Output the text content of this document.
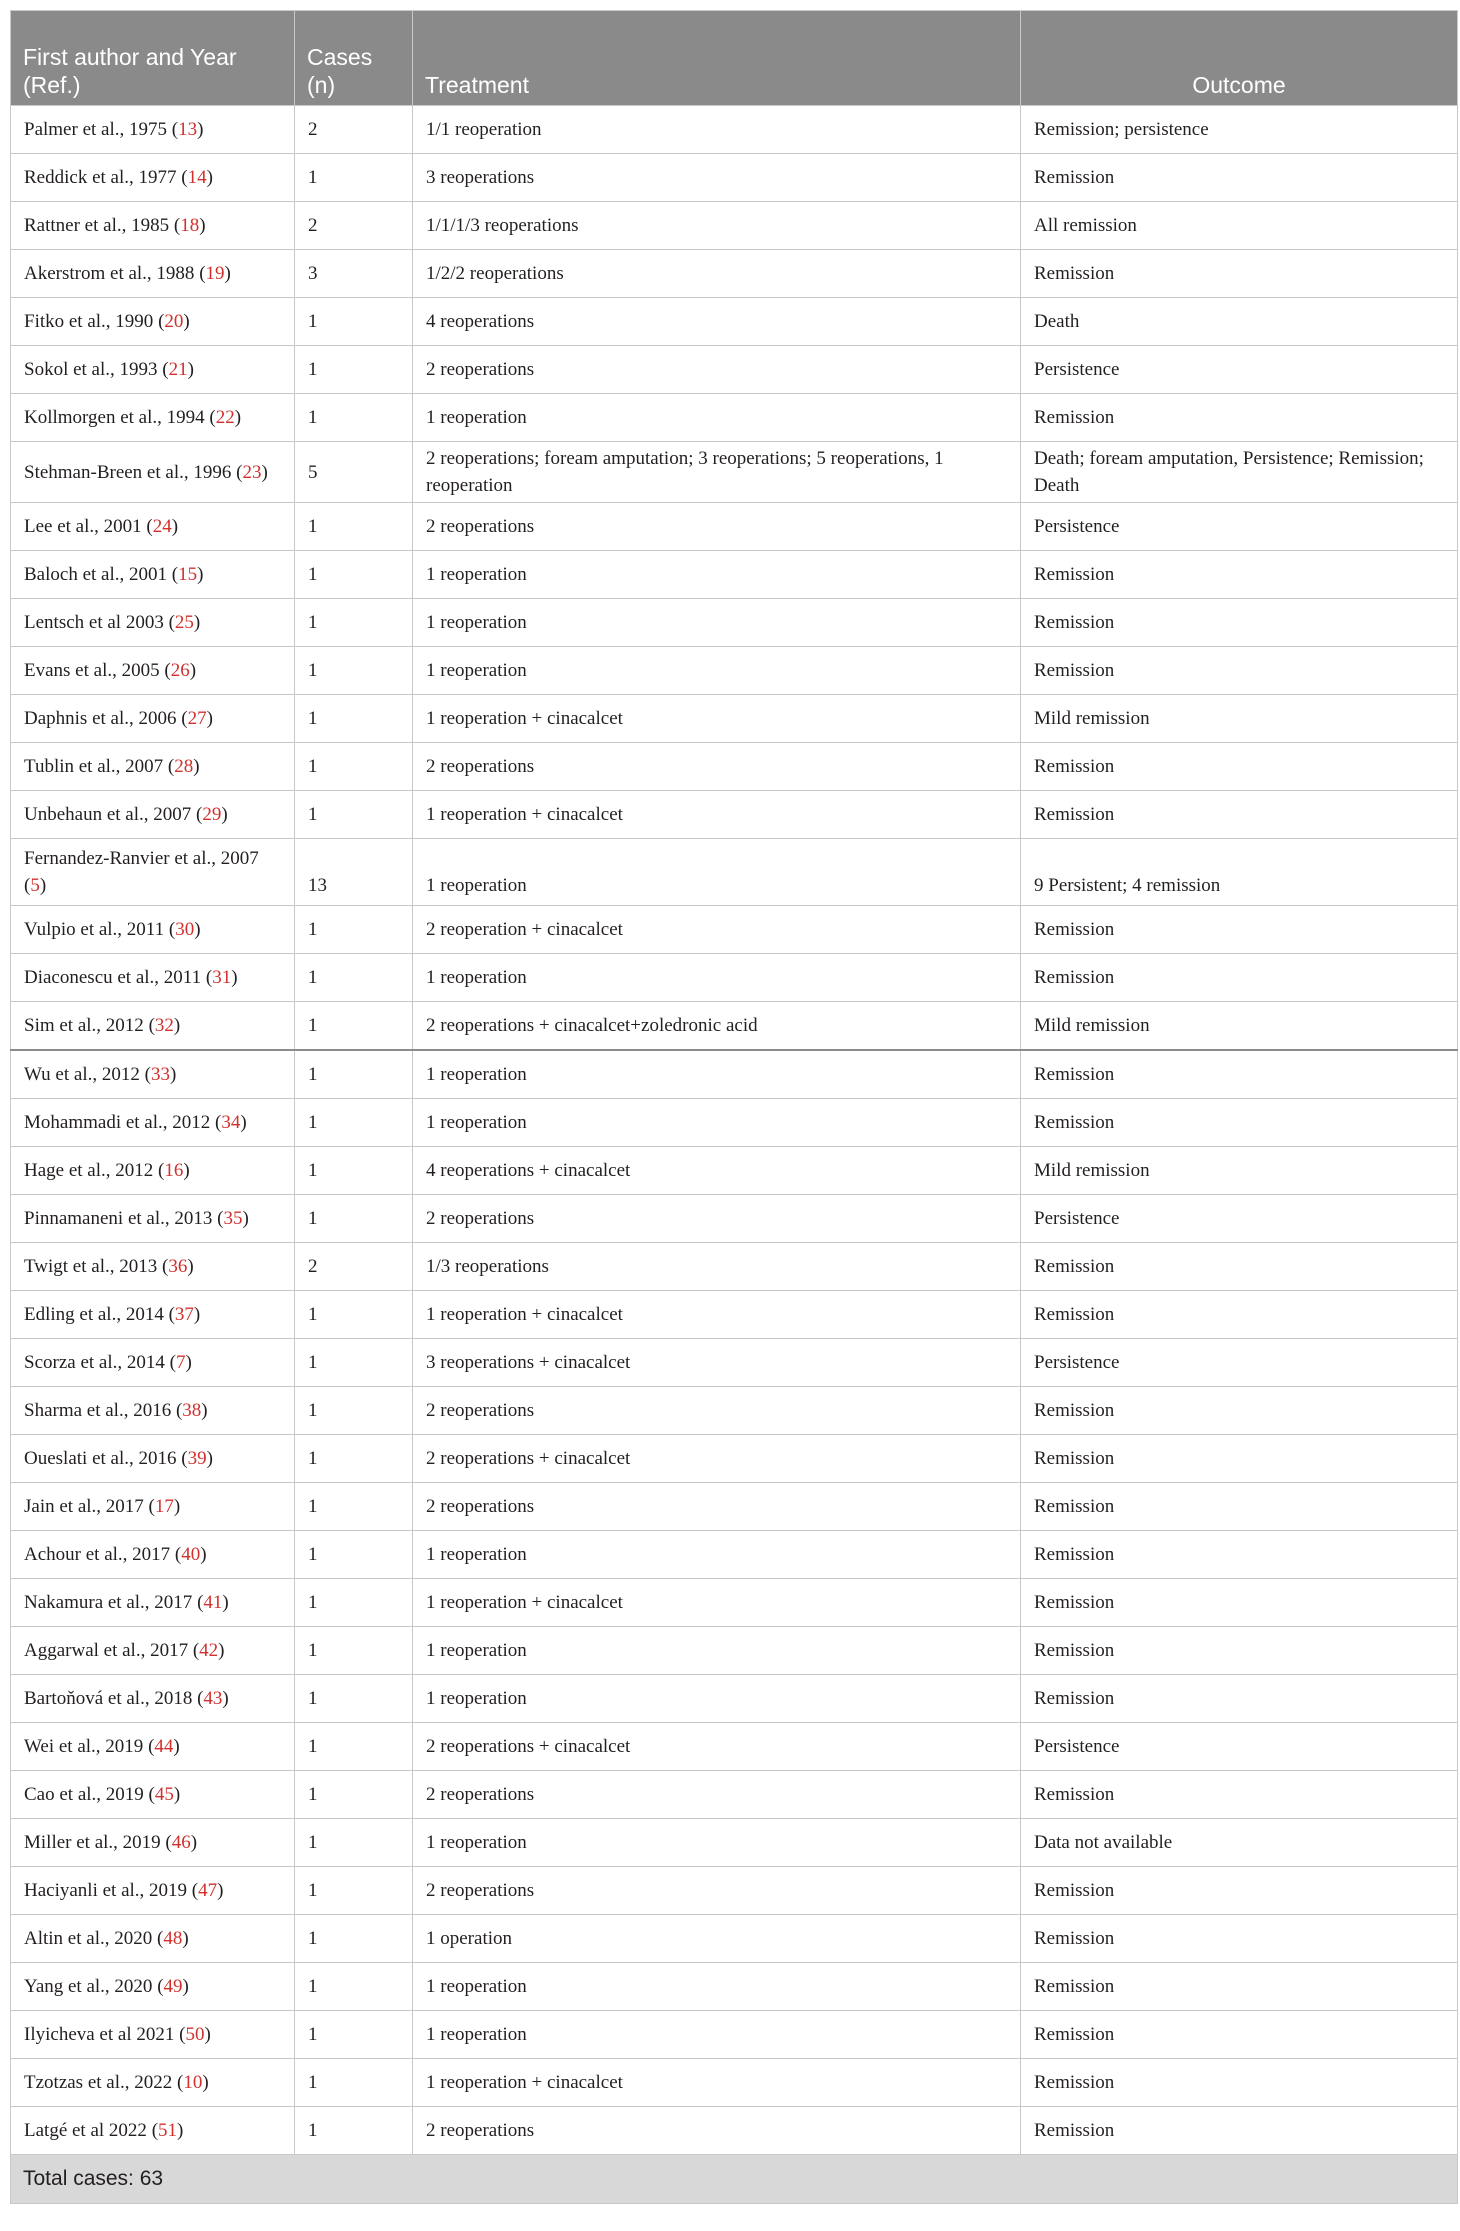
First author and Year (Ref.)	Cases (n)	Treatment	Outcome
Palmer et al., 1975 (13)	2	1/1 reoperation	Remission; persistence
Reddick et al., 1977 (14)	1	3 reoperations	Remission
Rattner et al., 1985 (18)	2	1/1/1/3 reoperations	All remission
Akerstrom et al., 1988 (19)	3	1/2/2 reoperations	Remission
Fitko et al., 1990 (20)	1	4 reoperations	Death
Sokol et al., 1993 (21)	1	2 reoperations	Persistence
Kollmorgen et al., 1994 (22)	1	1 reoperation	Remission
Stehman-Breen et al., 1996 (23)	5	2 reoperations; foream amputation; 3 reoperations; 5 reoperations, 1 reoperation	Death; foream amputation, Persistence; Remission; Death
Lee et al., 2001 (24)	1	2 reoperations	Persistence
Baloch et al., 2001 (15)	1	1 reoperation	Remission
Lentsch et al 2003 (25)	1	1 reoperation	Remission
Evans et al., 2005 (26)	1	1 reoperation	Remission
Daphnis et al., 2006 (27)	1	1 reoperation + cinacalcet	Mild remission
Tublin et al., 2007 (28)	1	2 reoperations	Remission
Unbehaun et al., 2007 (29)	1	1 reoperation + cinacalcet	Remission
Fernandez-Ranvier et al., 2007 (5)	13	1 reoperation	9 Persistent; 4 remission
Vulpio et al., 2011 (30)	1	2 reoperation + cinacalcet	Remission
Diaconescu et al., 2011 (31)	1	1 reoperation	Remission
Sim et al., 2012 (32)	1	2 reoperations + cinacalcet+zoledronic acid	Mild remission
Wu et al., 2012 (33)	1	1 reoperation	Remission
Mohammadi et al., 2012 (34)	1	1 reoperation	Remission
Hage et al., 2012 (16)	1	4 reoperations + cinacalcet	Mild remission
Pinnamaneni et al., 2013 (35)	1	2 reoperations	Persistence
Twigt et al., 2013 (36)	2	1/3 reoperations	Remission
Edling et al., 2014 (37)	1	1 reoperation + cinacalcet	Remission
Scorza et al., 2014 (7)	1	3 reoperations + cinacalcet	Persistence
Sharma et al., 2016 (38)	1	2 reoperations	Remission
Oueslati et al., 2016 (39)	1	2 reoperations + cinacalcet	Remission
Jain et al., 2017 (17)	1	2 reoperations	Remission
Achour et al., 2017 (40)	1	1 reoperation	Remission
Nakamura et al., 2017 (41)	1	1 reoperation + cinacalcet	Remission
Aggarwal et al., 2017 (42)	1	1 reoperation	Remission
Bartoňová et al., 2018 (43)	1	1 reoperation	Remission
Wei et al., 2019 (44)	1	2 reoperations + cinacalcet	Persistence
Cao et al., 2019 (45)	1	2 reoperations	Remission
Miller et al., 2019 (46)	1	1 reoperation	Data not available
Haciyanli et al., 2019 (47)	1	2 reoperations	Remission
Altin et al., 2020 (48)	1	1 operation	Remission
Yang et al., 2020 (49)	1	1 reoperation	Remission
Ilyicheva et al 2021 (50)	1	1 reoperation	Remission
Tzotzas et al., 2022 (10)	1	1 reoperation + cinacalcet	Remission
Latgé et al 2022 (51)	1	2 reoperations	Remission
Total cases: 63			
